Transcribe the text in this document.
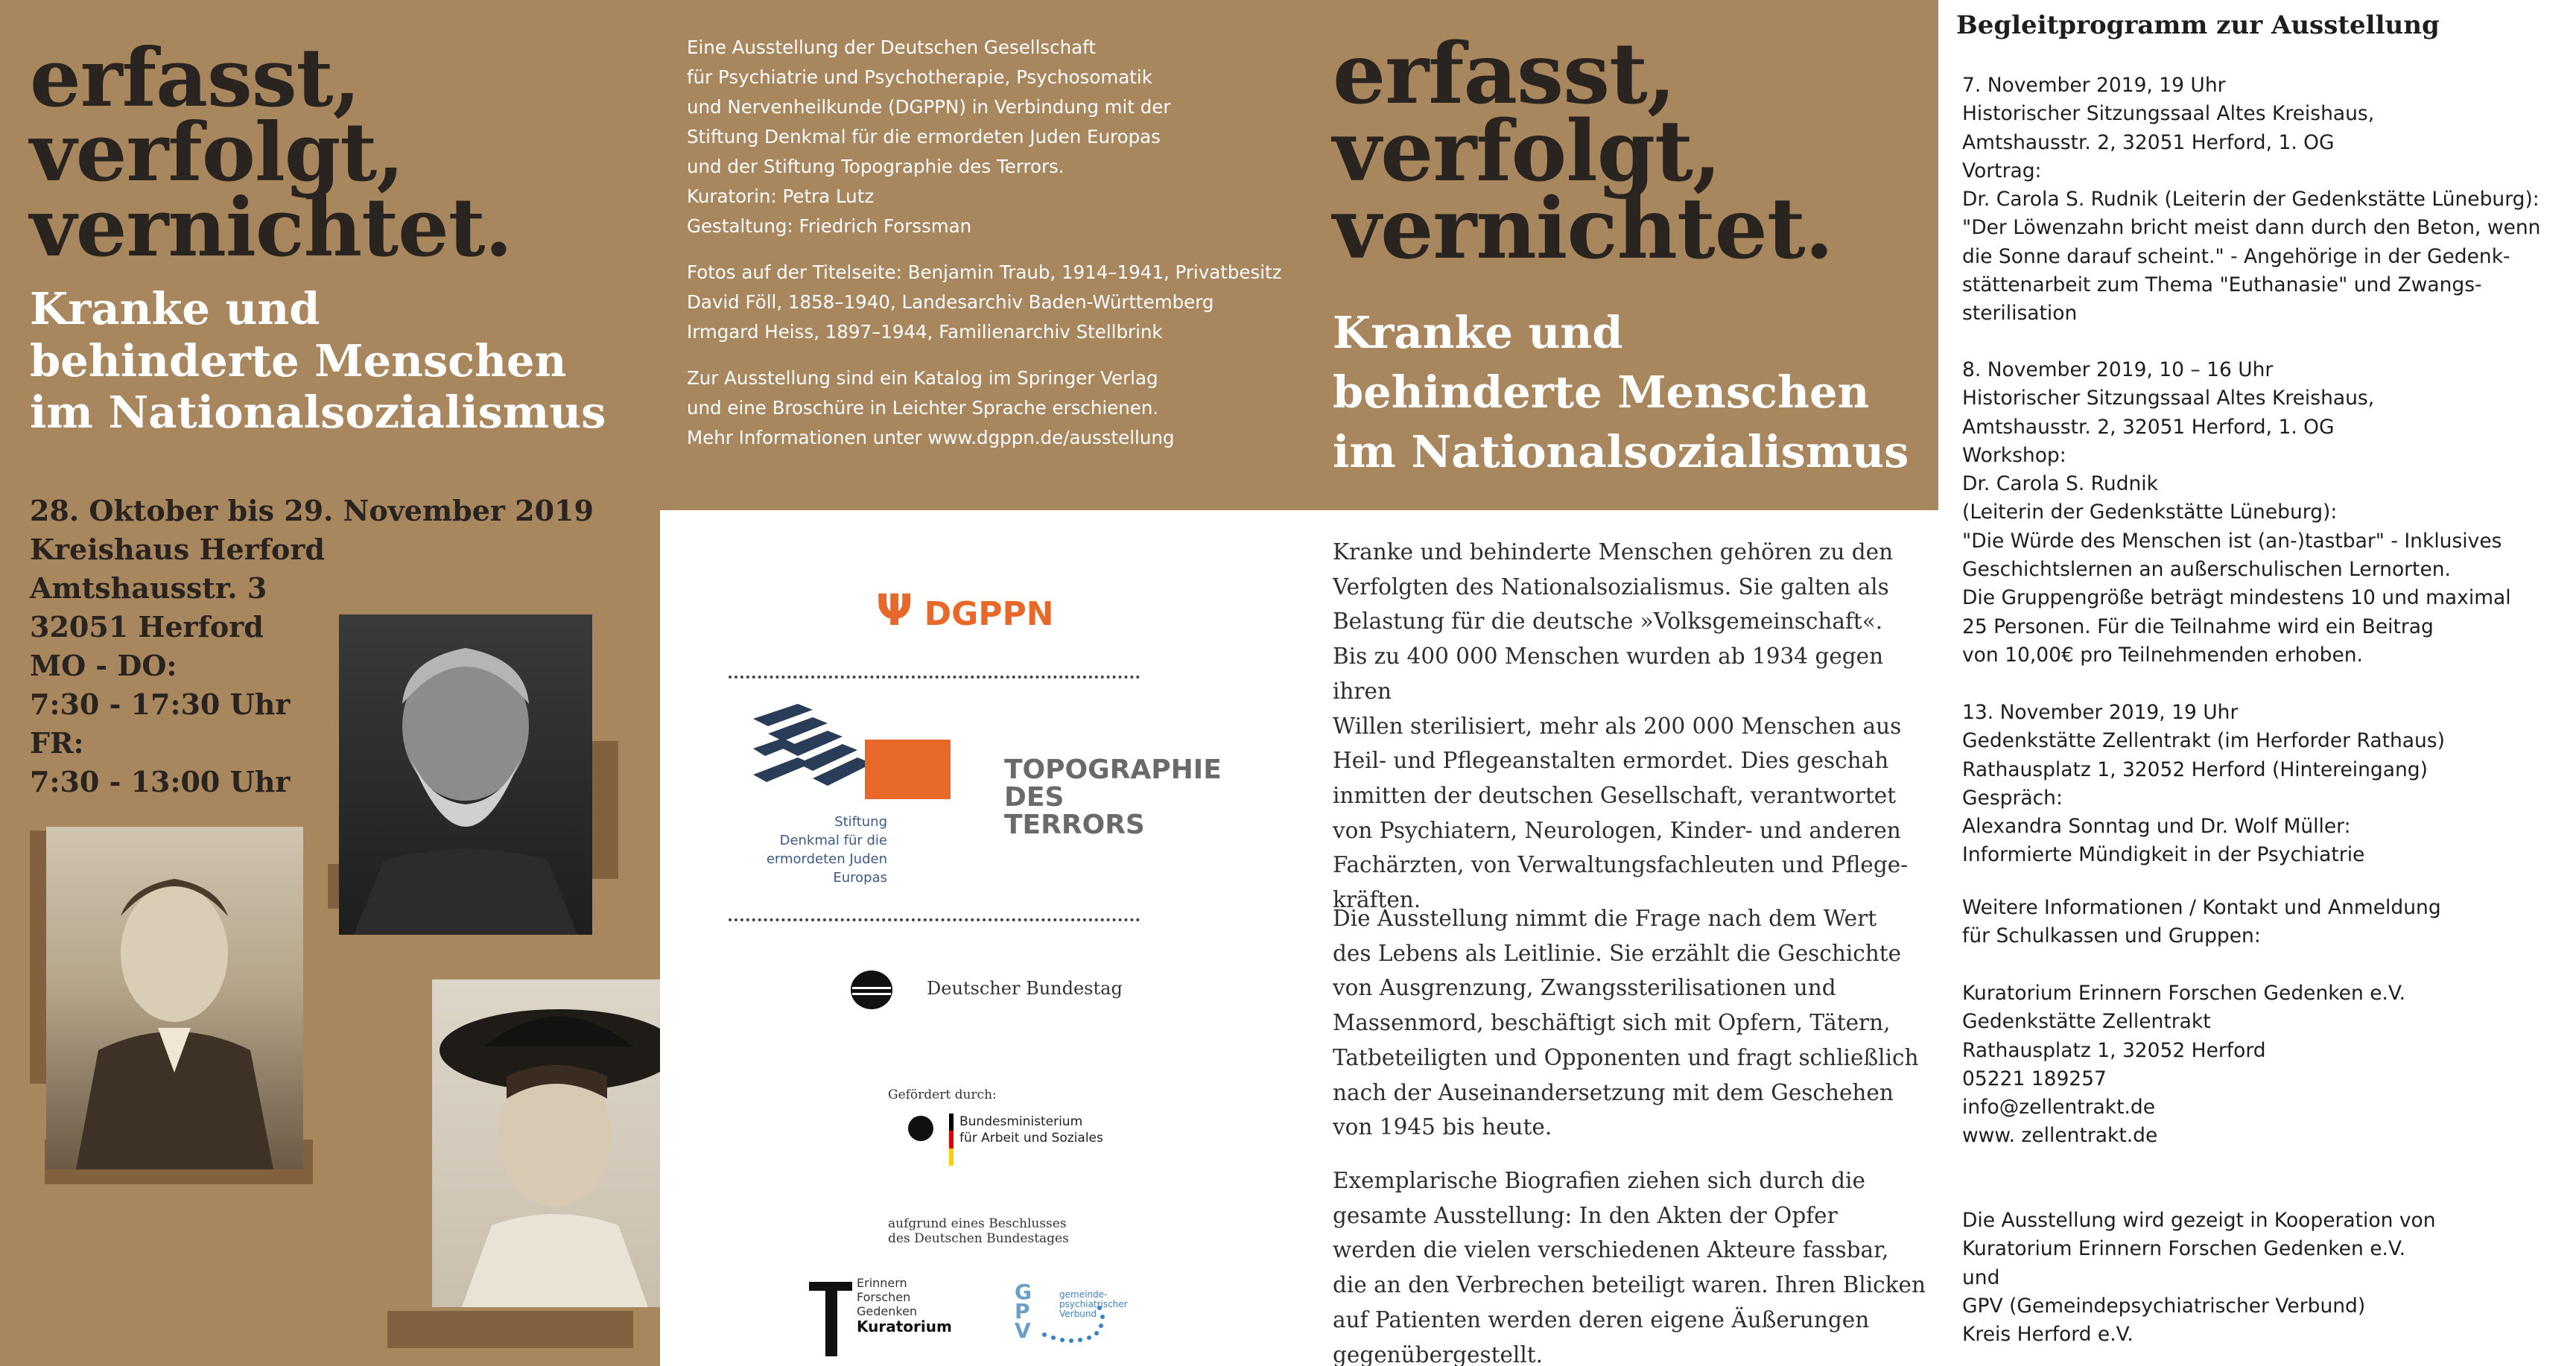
erfasst,
verfolgt,
vernichtet.
Kranke und
behinderte Menschen
im Nationalsozialismus
28. Oktober bis 29. November 2019
Kreishaus Herford
Amtshausstr. 3
32051 Herford
MO - DO:
7:30 - 17:30 Uhr
FR:
7:30 - 13:00 Uhr
Eine Ausstellung der Deutschen Gesellschaft
für Psychiatrie und Psychotherapie, Psychosomatik
und Nervenheilkunde (DGPPN) in Verbindung mit der
Stiftung Denkmal für die ermordeten Juden Europas
und der Stiftung Topographie des Terrors.
Kuratorin: Petra Lutz
Gestaltung: Friedrich Forssman
Fotos auf der Titelseite: Benjamin Traub, 1914–1941, Privatbesitz
David Föll, 1858–1940, Landesarchiv Baden-Württemberg
Irmgard Heiss, 1897–1944, Familienarchiv Stellbrink
Zur Ausstellung sind ein Katalog im Springer Verlag
und eine Broschüre in Leichter Sprache erschienen.
Mehr Informationen unter www.dgppn.de/ausstellung
Ψ DGPPN
Stiftung
Denkmal für die
ermordeten Juden
Europas
TOPOGRAPHIE
DES
TERRORS
Deutscher Bundestag
Gefördert durch:
Bundesministerium
für Arbeit und Soziales
aufgrund eines Beschlusses
des Deutschen Bundestages
Erinnern
Forschen
Gedenken
Kuratorium
GPV
gemeinde-
psychiatrischer
Verbund
erfasst,
verfolgt,
vernichtet.
Kranke und
behinderte Menschen
im Nationalsozialismus
Kranke und behinderte Menschen gehören zu den
Verfolgten des Nationalsozialismus. Sie galten als
Belastung für die deutsche »Volksgemeinschaft«.
Bis zu 400 000 Menschen wurden ab 1934 gegen ihren
Willen sterilisiert, mehr als 200 000 Menschen aus
Heil- und Pflegeanstalten ermordet. Dies geschah
inmitten der deutschen Gesellschaft, verantwortet
von Psychiatern, Neurologen, Kinder- und anderen
Fachärzten, von Verwaltungsfachleuten und Pflege-
kräften.
Die Ausstellung nimmt die Frage nach dem Wert
des Lebens als Leitlinie. Sie erzählt die Geschichte
von Ausgrenzung, Zwangssterilisationen und
Massenmord, beschäftigt sich mit Opfern, Tätern,
Tatbeteiligten und Opponenten und fragt schließlich
nach der Auseinandersetzung mit dem Geschehen
von 1945 bis heute.
Exemplarische Biografien ziehen sich durch die
gesamte Ausstellung: In den Akten der Opfer
werden die vielen verschiedenen Akteure fassbar,
die an den Verbrechen beteiligt waren. Ihren Blicken
auf Patienten werden deren eigene Äußerungen
gegenübergestellt.
Begleitprogramm zur Ausstellung
7. November 2019, 19 Uhr
Historischer Sitzungssaal Altes Kreishaus,
Amtshausstr. 2, 32051 Herford, 1. OG
Vortrag:
Dr. Carola S. Rudnik (Leiterin der Gedenkstätte Lüneburg):
"Der Löwenzahn bricht meist dann durch den Beton, wenn
die Sonne darauf scheint." - Angehörige in der Gedenk-
stättenarbeit zum Thema "Euthanasie" und Zwangs-
sterilisation
8. November 2019, 10 – 16 Uhr
Historischer Sitzungssaal Altes Kreishaus,
Amtshausstr. 2, 32051 Herford, 1. OG
Workshop:
Dr. Carola S. Rudnik
(Leiterin der Gedenkstätte Lüneburg):
"Die Würde des Menschen ist (an-)tastbar" - Inklusives
Geschichtslernen an außerschulischen Lernorten.
Die Gruppengröße beträgt mindestens 10 und maximal
25 Personen. Für die Teilnahme wird ein Beitrag
von 10,00€ pro Teilnehmenden erhoben.
13. November 2019, 19 Uhr
Gedenkstätte Zellentrakt (im Herforder Rathaus)
Rathausplatz 1, 32052 Herford (Hintereingang)
Gespräch:
Alexandra Sonntag und Dr. Wolf Müller:
Informierte Mündigkeit in der Psychiatrie
Weitere Informationen / Kontakt und Anmeldung
für Schulkassen und Gruppen:
Kuratorium Erinnern Forschen Gedenken e.V.
Gedenkstätte Zellentrakt
Rathausplatz 1, 32052 Herford
05221 189257
info@zellentrakt.de
www. zellentrakt.de
Die Ausstellung wird gezeigt in Kooperation von
Kuratorium Erinnern Forschen Gedenken e.V.
und
GPV (Gemeindepsychiatrischer Verbund)
Kreis Herford e.V.
